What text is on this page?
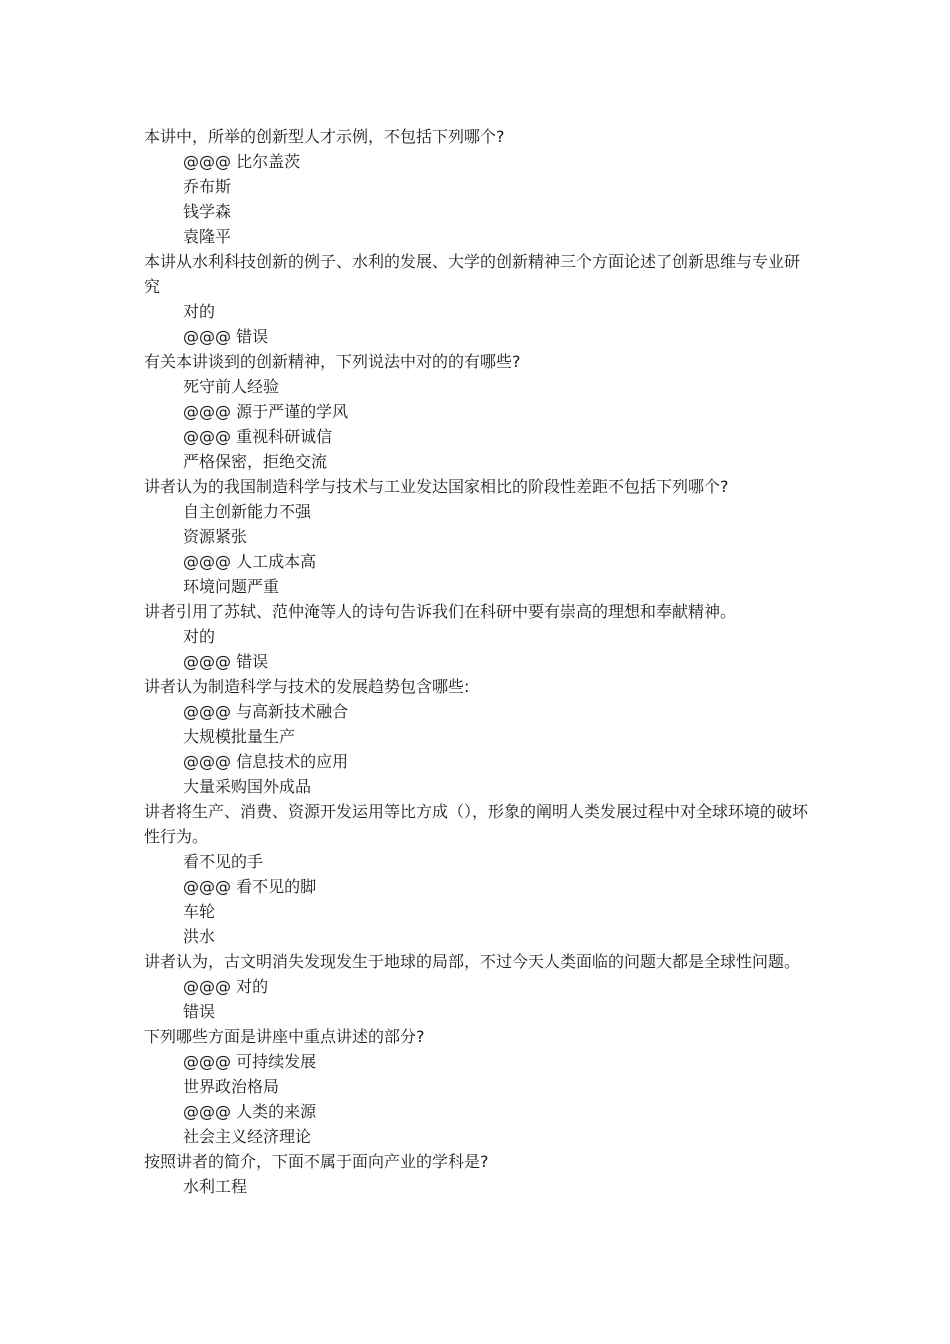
本讲中，所举的创新型人才示例，不包括下列哪个?

@@@ 比尔盖茨

乔布斯

钱学森

袁隆平

本讲从水利科技创新的例子、水利的发展、大学的创新精神三个方面论述了创新思维与专业研究

对的

@@@ 错误

有关本讲谈到的创新精神，下列说法中对的的有哪些?

死守前人经验

@@@ 源于严谨的学风

@@@ 重视科研诚信

严格保密，拒绝交流

讲者认为的我国制造科学与技术与工业发达国家相比的阶段性差距不包括下列哪个?

自主创新能力不强

资源紧张

@@@ 人工成本高

环境问题严重

讲者引用了苏轼、范仲淹等人的诗句告诉我们在科研中要有崇高的理想和奉献精神。

对的

@@@ 错误

讲者认为制造科学与技术的发展趋势包含哪些:

@@@ 与高新技术融合

大规模批量生产

@@@ 信息技术的应用

大量采购国外成品

讲者将生产、消费、资源开发运用等比方成（），形象的阐明人类发展过程中对全球环境的破坏性行为。

看不见的手

@@@ 看不见的脚

车轮

洪水

讲者认为，古文明消失发现发生于地球的局部，不过今天人类面临的问题大都是全球性问题。

@@@ 对的

错误

下列哪些方面是讲座中重点讲述的部分?

@@@ 可持续发展

世界政治格局

@@@ 人类的来源

社会主义经济理论

按照讲者的简介，下面不属于面向产业的学科是?

水利工程
